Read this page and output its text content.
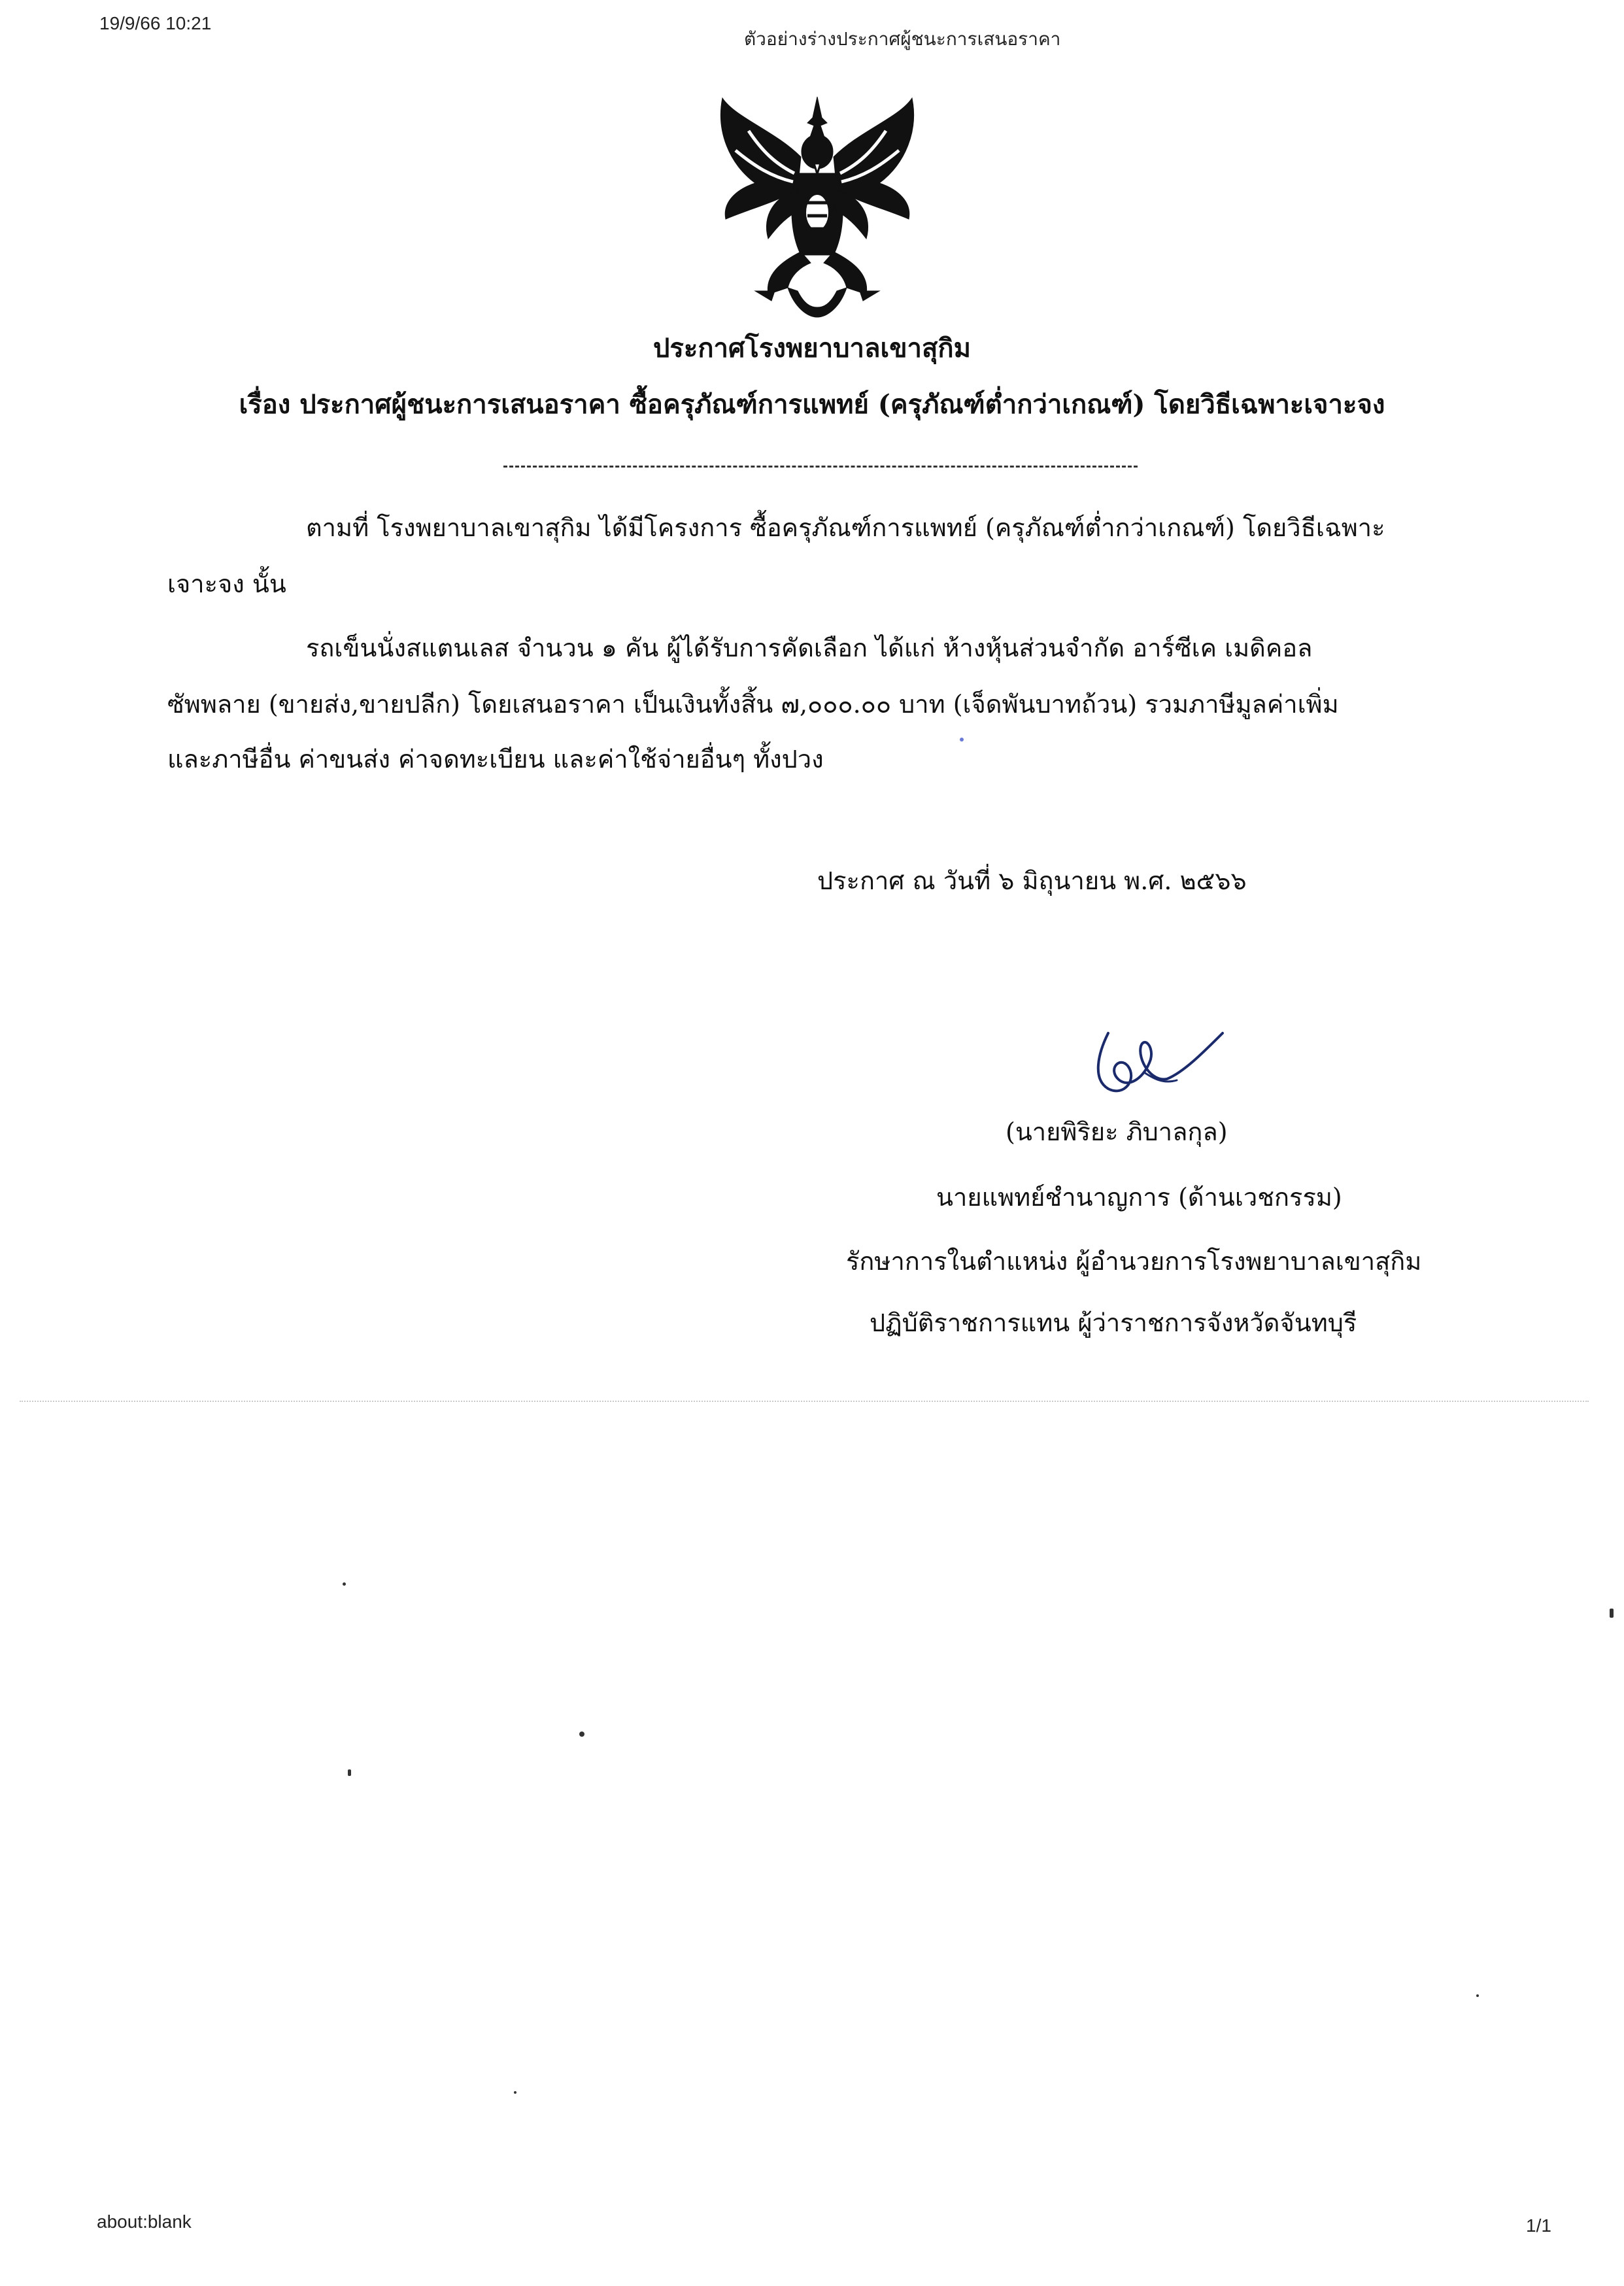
19/9/66 10:21
ตัวอย่างร่างประกาศผู้ชนะการเสนอราคา
ประกาศโรงพยาบาลเขาสุกิม
เรื่อง ประกาศผู้ชนะการเสนอราคา ซื้อครุภัณฑ์การแพทย์ (ครุภัณฑ์ต่ำกว่าเกณฑ์) โดยวิธีเฉพาะเจาะจง
ตามที่ โรงพยาบาลเขาสุกิม ได้มีโครงการ ซื้อครุภัณฑ์การแพทย์ (ครุภัณฑ์ต่ำกว่าเกณฑ์) โดยวิธีเฉพาะ
เจาะจง นั้น
รถเข็นนั่งสแตนเลส จำนวน ๑ คัน ผู้ได้รับการคัดเลือก ได้แก่ ห้างหุ้นส่วนจำกัด อาร์ซีเค เมดิคอล
ซัพพลาย (ขายส่ง,ขายปลีก) โดยเสนอราคา เป็นเงินทั้งสิ้น ๗,๐๐๐.๐๐ บาท (เจ็ดพันบาทถ้วน) รวมภาษีมูลค่าเพิ่ม
และภาษีอื่น ค่าขนส่ง ค่าจดทะเบียน และค่าใช้จ่ายอื่นๆ ทั้งปวง
ประกาศ ณ วันที่ ๖ มิถุนายน พ.ศ. ๒๕๖๖
(นายพิริยะ ภิบาลกุล)
นายแพทย์ชำนาญการ (ด้านเวชกรรม)
รักษาการในตำแหน่ง ผู้อำนวยการโรงพยาบาลเขาสุกิม
ปฏิบัติราชการแทน ผู้ว่าราชการจังหวัดจันทบุรี
about:blank	1/1
